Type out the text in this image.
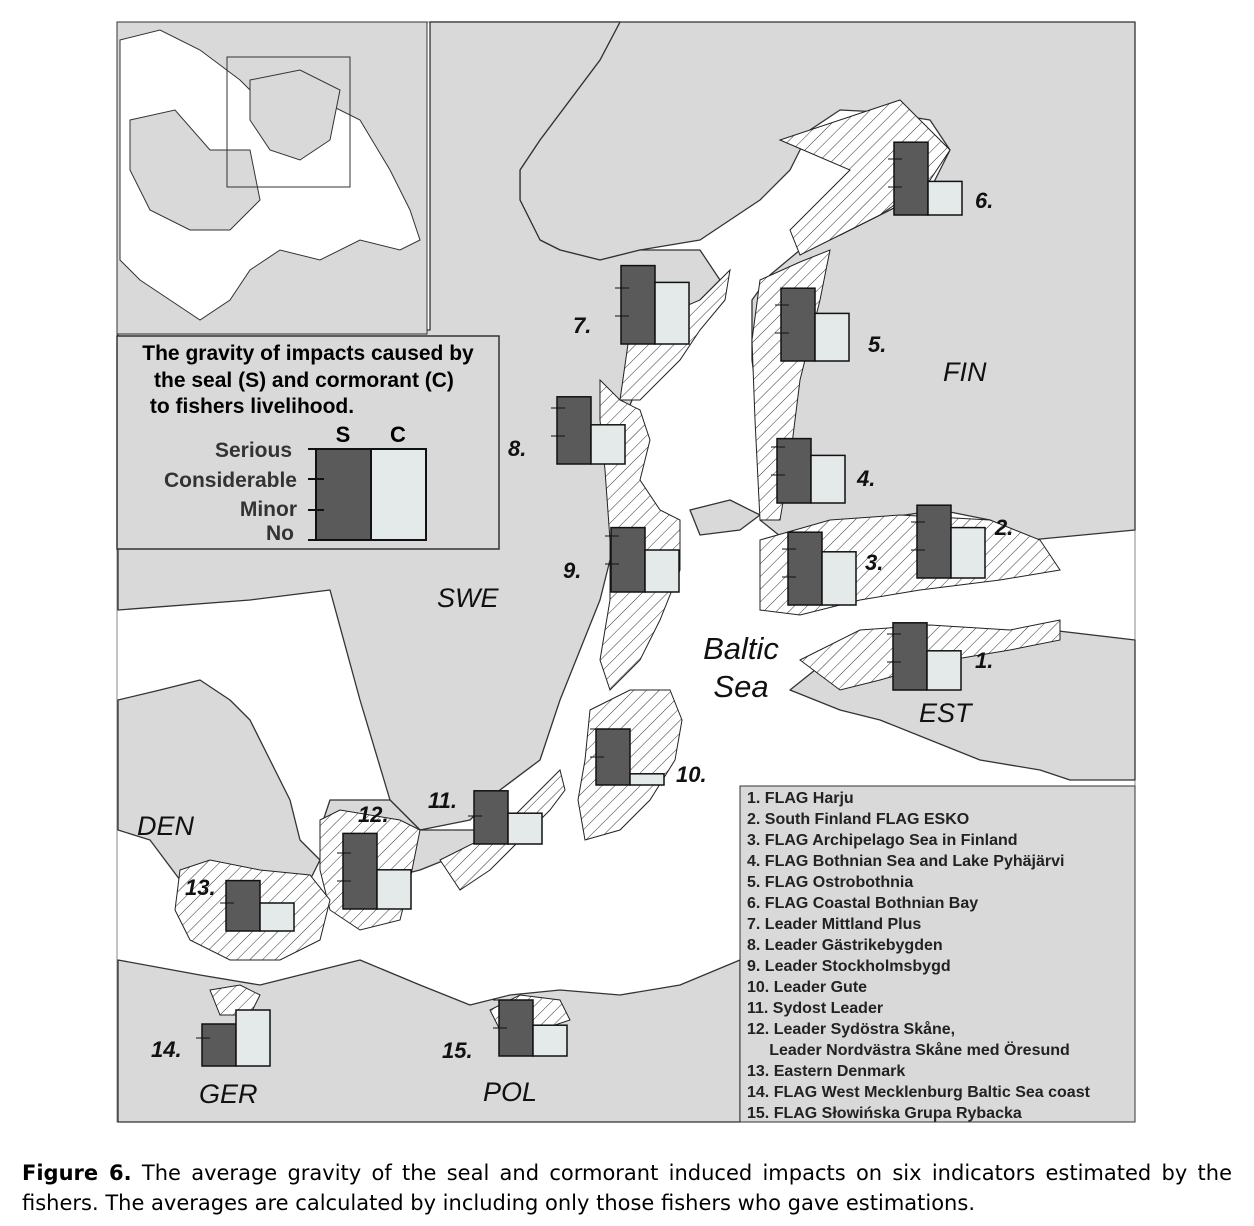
The gravity of impacts caused by
the seal (S) and cormorant (C)
to fishers livelihood.
S C
Serious
Considerable
Minor
No
FIN
SWE
EST
DEN
GER	POL
Baltic
Sea
1.
2.
3.
4.
5.
6.
7.
8.
9.
10.
11.
12.
13.
14.	15.
1. FLAG Harju
2. South Finland FLAG ESKO
3. FLAG Archipelago Sea in Finland
4. FLAG Bothnian Sea and Lake Pyhäjärvi
5. FLAG Ostrobothnia
6. FLAG Coastal Bothnian Bay
7. Leader Mittland Plus
8. Leader Gästrikebygden
9. Leader Stockholmsbygd
10. Leader Gute
11. Sydost Leader
12. Leader Sydöstra Skåne,
Leader Nordvästra Skåne med Öresund
13. Eastern Denmark
14. FLAG West Mecklenburg Baltic Sea coast
15. FLAG Słowińska Grupa Rybacka
Figure 6. The average gravity of the seal and cormorant induced impacts on six indicators estimated by the fishers. The averages are calculated by including only those fishers who gave estimations.
